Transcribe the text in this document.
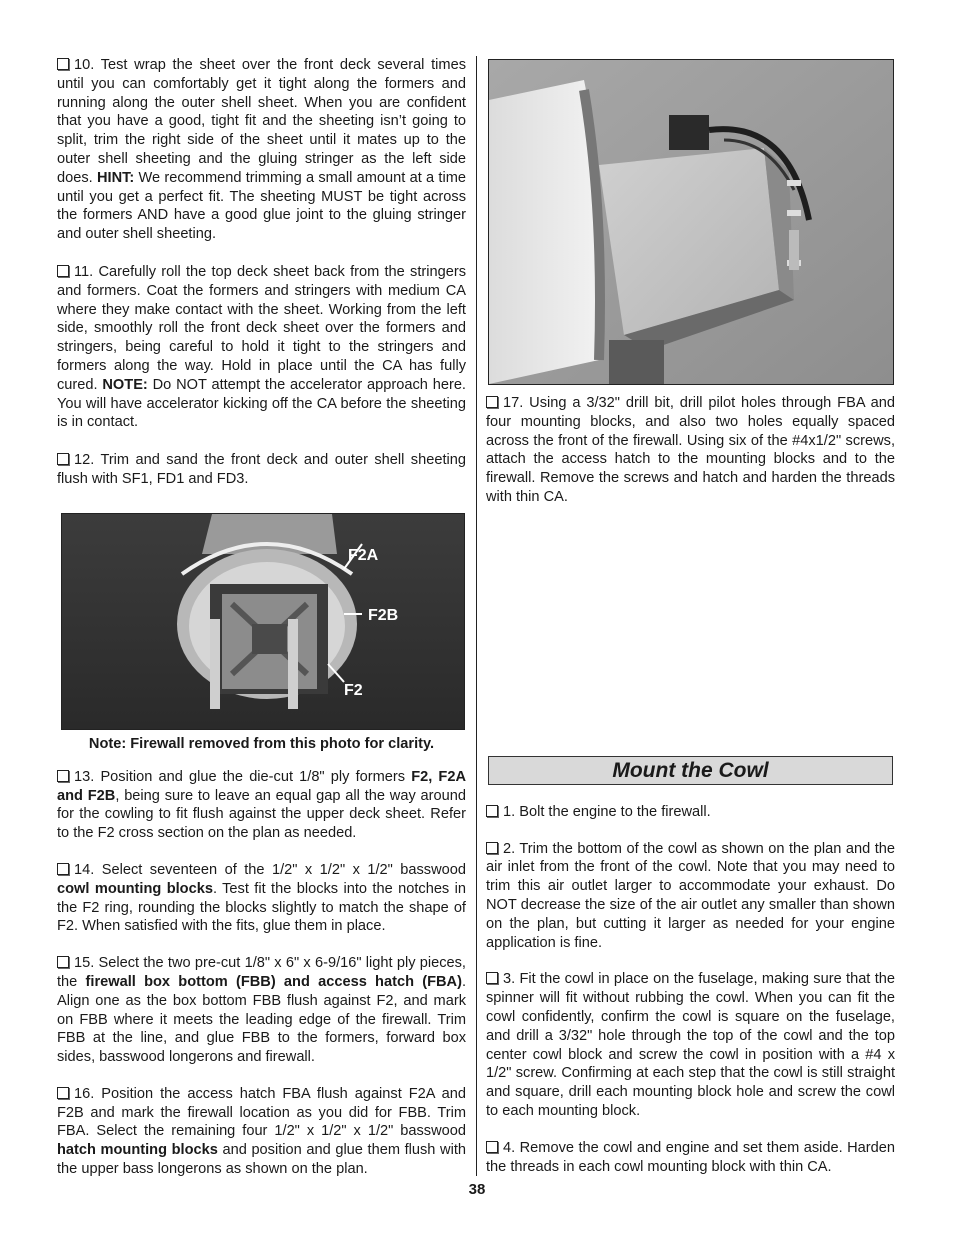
10. Test wrap the sheet over the front deck several times until you can comfortably get it tight along the formers and running along the outer shell sheet. When you are confident that you have a good, tight fit and the sheeting isn’t going to split, trim the right side of the sheet until it mates up to the outer shell sheeting and the gluing stringer as the left side does. HINT: We recommend trimming a small amount at a time until you get a perfect fit. The sheeting MUST be tight across the formers AND have a good glue joint to the gluing stringer and outer shell sheeting.

11. Carefully roll the top deck sheet back from the stringers and formers. Coat the formers and stringers with medium CA where they make contact with the sheet. Working from the left side, smoothly roll the front deck sheet over the formers and stringers, being careful to hold it tight to the stringers and formers along the way. Hold in place until the CA has fully cured. NOTE: Do NOT attempt the accelerator approach here. You will have accelerator kicking off the CA before the sheeting is in contact.

12. Trim and sand the front deck and outer shell sheeting flush with SF1, FD1 and FD3.

F2A
F2B
F2
Note: Firewall removed from this photo for clarity.

13. Position and glue the die-cut 1/8" ply formers F2, F2A and F2B, being sure to leave an equal gap all the way around for the cowling to fit flush against the upper deck sheet. Refer to the F2 cross section on the plan as needed.

14. Select seventeen of the 1/2" x 1/2" x 1/2" basswood cowl mounting blocks. Test fit the blocks into the notches in the F2 ring, rounding the blocks slightly to match the shape of F2. When satisfied with the fits, glue them in place.

15. Select the two pre-cut 1/8" x 6" x 6-9/16" light ply pieces, the firewall box bottom (FBB) and access hatch (FBA). Align one as the box bottom FBB flush against F2, and mark on FBB where it meets the leading edge of the firewall. Trim FBB at the line, and glue FBB to the formers, forward box sides, basswood longerons and firewall.

16. Position the access hatch FBA flush against F2A and F2B and mark the firewall location as you did for FBB. Trim FBA. Select the remaining four 1/2" x 1/2" x 1/2" basswood hatch mounting blocks and position and glue them flush with the upper bass longerons as shown on the plan.

17. Using a 3/32" drill bit, drill pilot holes through FBA and four mounting blocks, and also two holes equally spaced across the front of the firewall. Using six of the #4x1/2" screws, attach the access hatch to the mounting blocks and to the firewall. Remove the screws and hatch and harden the threads with thin CA.

Mount the Cowl

1. Bolt the engine to the firewall.

2. Trim the bottom of the cowl as shown on the plan and the air inlet from the front of the cowl. Note that you may need to trim this air outlet larger to accommodate your exhaust. Do NOT decrease the size of the air outlet any smaller than shown on the plan, but cutting it larger as needed for your engine application is fine.

3. Fit the cowl in place on the fuselage, making sure that the spinner will fit without rubbing the cowl. When you can fit the cowl confidently, confirm the cowl is square on the fuselage, and drill a 3/32" hole through the top of the cowl and the top center cowl block and screw the cowl in position with a #4 x 1/2" screw. Confirming at each step that the cowl is still straight and square, drill each mounting block hole and screw the cowl to each mounting block.

4. Remove the cowl and engine and set them aside. Harden the threads in each cowl mounting block with thin CA.

38
